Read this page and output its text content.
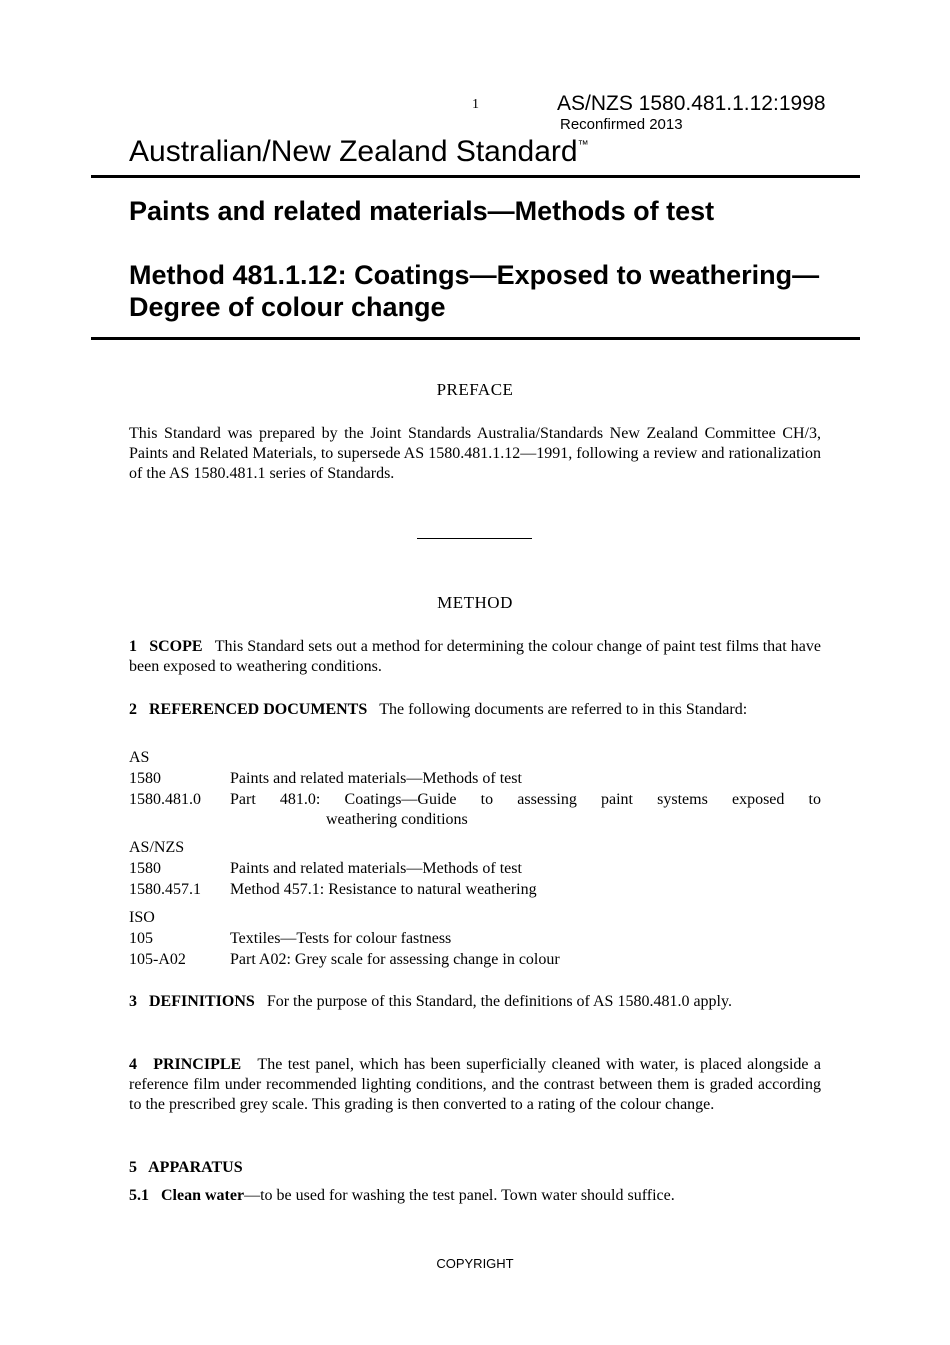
1	AS/NZS 1580.481.1.12:1998
Reconfirmed 2013
Australian/New Zealand Standard™
Paints and related materials—Methods of test
Method 481.1.12: Coatings—Exposed to weathering—Degree of colour change
PREFACE
This Standard was prepared by the Joint Standards Australia/Standards New Zealand Committee CH/3, Paints and Related Materials, to supersede AS 1580.481.1.12—1991, following a review and rationalization of the AS 1580.481.1 series of Standards.
METHOD
1   SCOPE This Standard sets out a method for determining the colour change of paint test films that have been exposed to weathering conditions.
2   REFERENCED DOCUMENTS The following documents are referred to in this Standard:
AS
1580	Paints and related materials—Methods of test
1580.481.0 Part 481.0: Coatings—Guide to assessing paint systems exposed to
weathering conditions
AS/NZS
1580	Paints and related materials—Methods of test
1580.457.1 Method 457.1: Resistance to natural weathering
ISO
105	Textiles—Tests for colour fastness
105-A02	Part A02: Grey scale for assessing change in colour
3   DEFINITIONS For the purpose of this Standard, the definitions of AS 1580.481.0 apply.
4   PRINCIPLE The test panel, which has been superficially cleaned with water, is placed alongside a reference film under recommended lighting conditions, and the contrast between them is graded according to the prescribed grey scale. This grading is then converted to a rating of the colour change.
5   APPARATUS
5.1   Clean water—to be used for washing the test panel. Town water should suffice.
COPYRIGHT
